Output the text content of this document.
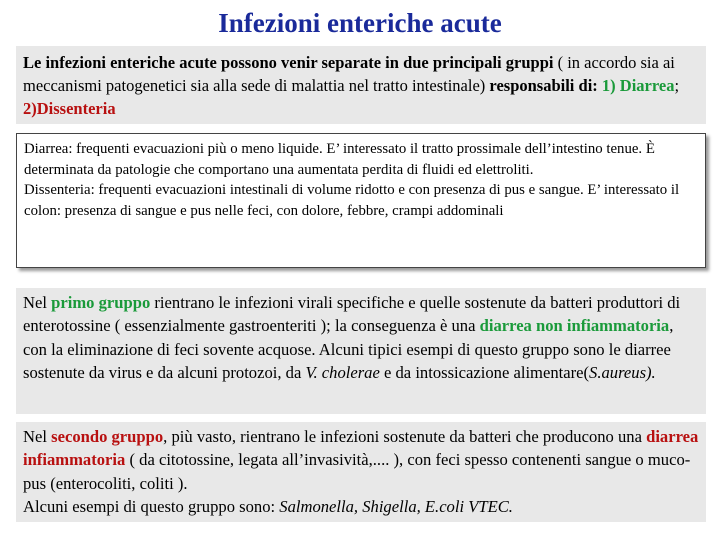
Infezioni enteriche acute
Le infezioni enteriche acute possono venir separate in due principali gruppi ( in accordo sia ai meccanismi patogenetici sia alla sede di malattia nel tratto intestinale) responsabili di: 1) Diarrea; 2)Dissenteria

Diarrea: frequenti evacuazioni più o meno liquide. E’ interessato il tratto prossimale dell’intestino tenue. È determinata da patologie che comportano una aumentata perdita di fluidi ed elettroliti.

Dissenteria: frequenti evacuazioni intestinali di volume ridotto e con presenza di pus e sangue. E’ interessato il colon: presenza di sangue e pus nelle feci, con dolore, febbre, crampi addominali

Nel primo gruppo rientrano le infezioni virali specifiche e quelle sostenute da batteri produttori di enterotossine ( essenzialmente gastroenteriti ); la conseguenza è una diarrea non infiammatoria, con la eliminazione di feci sovente acquose. Alcuni tipici esempi di questo gruppo sono le diarree sostenute da virus e da alcuni protozoi, da V. cholerae e da intossicazione alimentare(S.aureus).

Nel secondo gruppo, più vasto, rientrano le infezioni sostenute da batteri che producono una diarrea infiammatoria ( da citotossine, legata all’invasività,.... ), con feci spesso contenenti sangue o muco-pus (enterocoliti, coliti ).

Alcuni esempi di questo gruppo sono: Salmonella, Shigella, E.coli VTEC.
